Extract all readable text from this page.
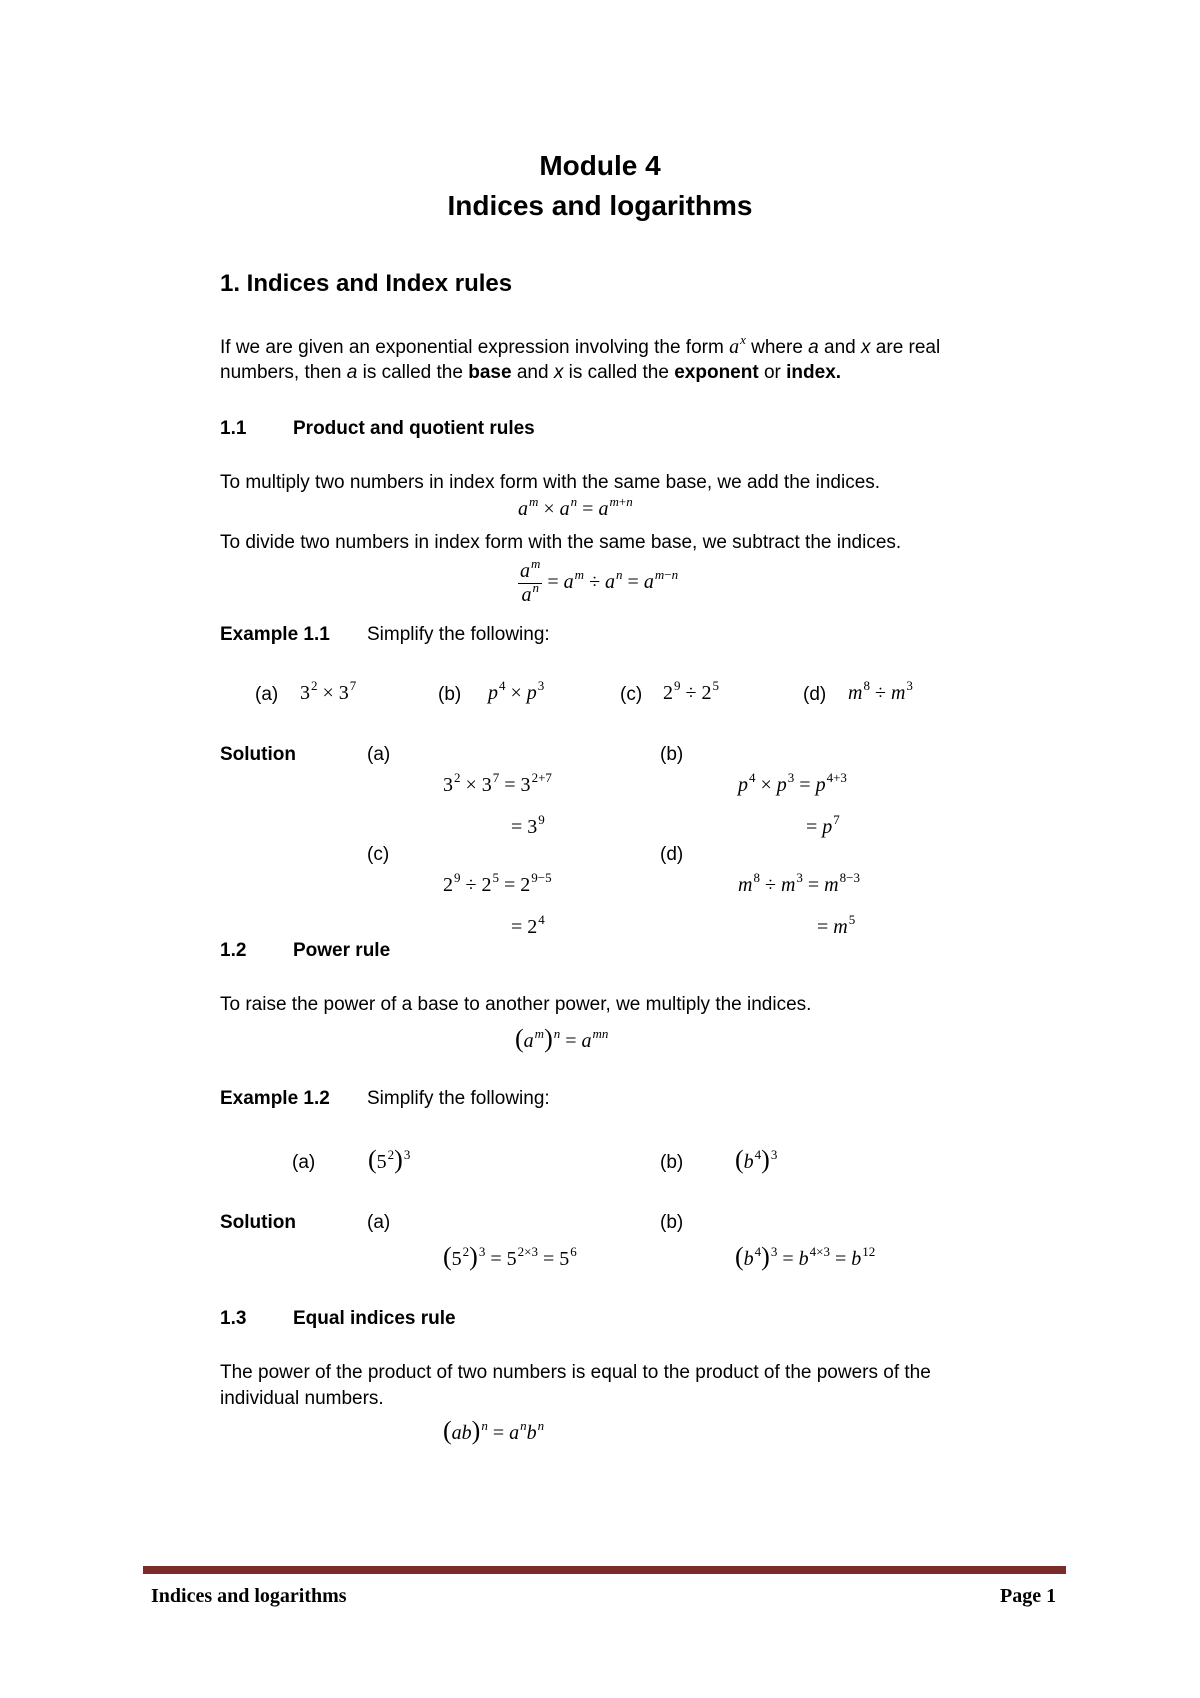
Module 4
Indices and logarithms
1. Indices and Index rules
If we are given an exponential expression involving the form $a^x$ where a and x are real
numbers, then a is called the base and x is called the exponent or index.
1.1 Product and quotient rules
To multiply two numbers in index form with the same base, we add the indices.
$a^m \times a^n = a^{m+n}$
To divide two numbers in index form with the same base, we subtract the indices.
$\frac{a^m}{a^n} = a^m \div a^n = a^{m-n}$
Example 1.1 Simplify the following:
(a) $3^2 \times 3^7$	(b) $p^4 \times p^3$	(c) $2^9 \div 2^5$	(d) $m^8 \div m^3$
Solution	(a)	(b)
$3^2 \times 3^7 = 3^{2+7}$
= $3^9$
$p^4 \times p^3 = p^{4+3}$
= $p^7$
(c)	(d)
$2^9 \div 2^5 = 2^{9-5}$
= $2^4$
$m^8 \div m^3 = m^{8-3}$
= $m^5$
1.2 Power rule
To raise the power of a base to another power, we multiply the indices.
$(a^m)^n = a^{mn}$
Example 1.2 Simplify the following:
(a) $(5^2)^3$	(b) $(b^4)^3$
Solution	(a)	(b)
$(5^2)^3 = 5^{2\times 3} = 5^6$	$(b^4)^3 = b^{4\times 3} = b^{12}$
1.3 Equal indices rule
The power of the product of two numbers is equal to the product of the powers of the
individual numbers.
$(ab)^n = a^nb^n$
Indices and logarithms	Page 1
